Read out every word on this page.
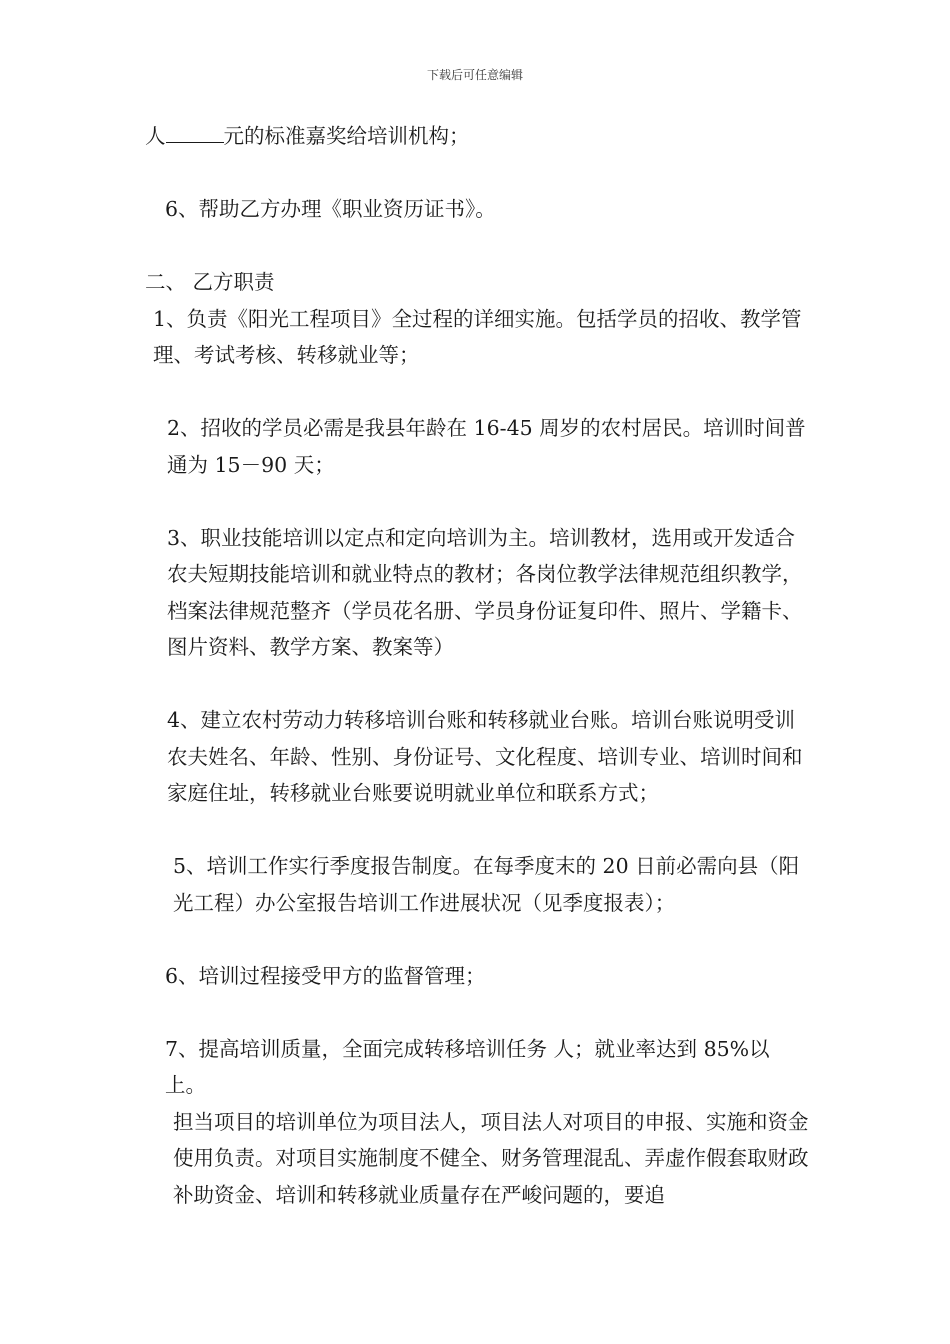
下载后可任意编辑

人	元的标准嘉奖给培训机构；

6、帮助乙方办理《职业资历证书》。

二、 乙方职责

1、负责《阳光工程项目》全过程的详细实施。包括学员的招收、教学管理、考试考核、转移就业等；

2、招收的学员必需是我县年龄在 16-45 周岁的农村居民。培训时间普通为 15－90 天；

3、职业技能培训以定点和定向培训为主。培训教材，选用或开发适合农夫短期技能培训和就业特点的教材；各岗位教学法律规范组织教学，档案法律规范整齐（学员花名册、学员身份证复印件、照片、学籍卡、图片资料、教学方案、教案等）

4、建立农村劳动力转移培训台账和转移就业台账。培训台账说明受训农夫姓名、年龄、性别、身份证号、文化程度、培训专业、培训时间和家庭住址，转移就业台账要说明就业单位和联系方式；

5、培训工作实行季度报告制度。在每季度末的 20 日前必需向县（阳光工程）办公室报告培训工作进展状况（见季度报表）；

6、培训过程接受甲方的监督管理；

7、提高培训质量，全面完成转移培训任务 人；就业率达到 85%以上。

担当项目的培训单位为项目法人，项目法人对项目的申报、实施和资金使用负责。对项目实施制度不健全、财务管理混乱、弄虚作假套取财政补助资金、培训和转移就业质量存在严峻问题的，要追
